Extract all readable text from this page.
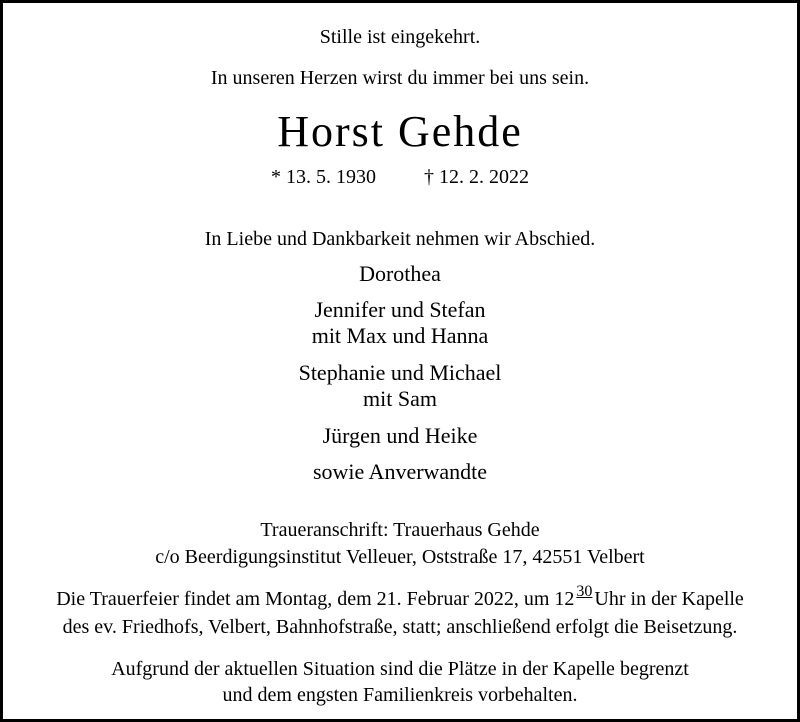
Stille ist eingekehrt.
In unseren Herzen wirst du immer bei uns sein.
Horst Gehde
* 13. 5. 1930 † 12. 2. 2022
In Liebe und Dankbarkeit nehmen wir Abschied.
Dorothea
Jennifer und Stefan
mit Max und Hanna
Stephanie und Michael
mit Sam
Jürgen und Heike
sowie Anverwandte
Traueranschrift: Trauerhaus Gehde
c/o Beerdigungsinstitut Velleuer, Oststraße 17, 42551 Velbert
Die Trauerfeier findet am Montag, dem 21. Februar 2022, um 12 30 Uhr in der Kapelle
des ev. Friedhofs, Velbert, Bahnhofstraße, statt; anschließend erfolgt die Beisetzung.
Aufgrund der aktuellen Situation sind die Plätze in der Kapelle begrenzt
und dem engsten Familienkreis vorbehalten.
